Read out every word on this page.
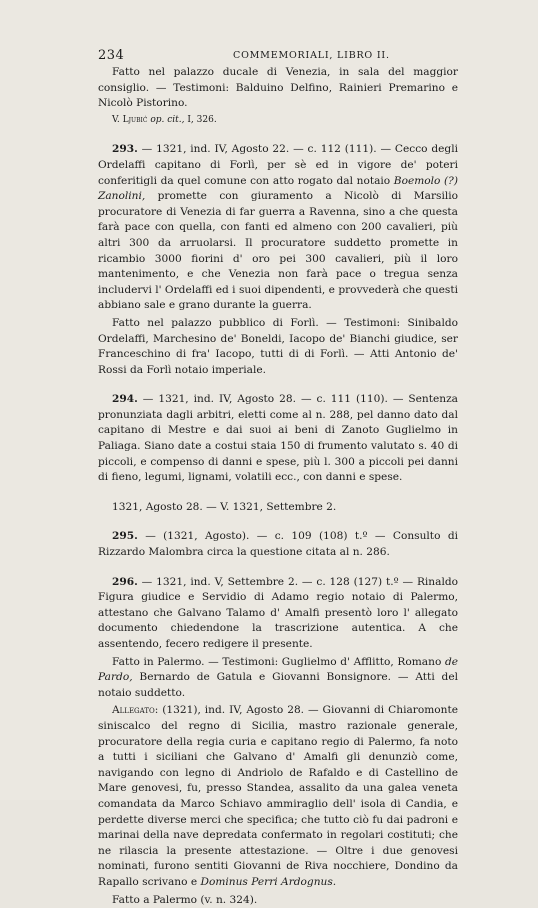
234	COMMEMORIALI, LIBRO II.

Fatto nel palazzo ducale di Venezia, in sala del maggior consiglio. — Testimoni: Balduino Delfino, Rainieri Premarino e Nicolò Pistorino.

V. Ljubić op. cit., I, 326.

293. — 1321, ind. IV, Agosto 22. — c. 112 (111). — Cecco degli Ordelaffi capitano di Forlì, per sè ed in vigore de' poteri conferitigli da quel comune con atto rogato dal notaio Boemolo (?) Zanolini, promette con giuramento a Nicolò di Marsilio procuratore di Venezia di far guerra a Ravenna, sino a che questa farà pace con quella, con fanti ed almeno con 200 cavalieri, più altri 300 da arruolarsi. Il procuratore suddetto promette in ricambio 3000 fiorini d' oro pei 300 cavalieri, più il loro mantenimento, e che Venezia non farà pace o tregua senza includervi l' Ordelaffi ed i suoi dipendenti, e provvederà che questi abbiano sale e grano durante la guerra.

Fatto nel palazzo pubblico di Forlì. — Testimoni: Sinibaldo Ordelaffi, Marchesino de' Boneldi, Iacopo de' Bianchi giudice, ser Franceschino di fra' Iacopo, tutti di di Forlì. — Atti Antonio de' Rossi da Forlì notaio imperiale.

294. — 1321, ind. IV, Agosto 28. — c. 111 (110). — Sentenza pronunziata dagli arbitri, eletti come al n. 288, pel danno dato dal capitano di Mestre e dai suoi ai beni di Zanoto Guglielmo in Paliaga. Siano date a costui staia 150 di frumento valutato s. 40 di piccoli, e compenso di danni e spese, più l. 300 a piccoli pei danni di fieno, legumi, lignami, volatili ecc., con danni e spese.

1321, Agosto 28. — V. 1321, Settembre 2.

295. — (1321, Agosto). — c. 109 (108) t.º — Consulto di Rizzardo Malombra circa la questione citata al n. 286.

296. — 1321, ind. V, Settembre 2. — c. 128 (127) t.º — Rinaldo Figura giudice e Servidio di Adamo regio notaio di Palermo, attestano che Galvano Talamo d' Amalfi presentò loro l' allegato documento chiedendone la trascrizione autentica. A che assentendo, fecero redigere il presente.

Fatto in Palermo. — Testimoni: Guglielmo d' Afflitto, Romano de Pardo, Bernardo de Gatula e Giovanni Bonsignore. — Atti del notaio suddetto.

Allegato: (1321), ind. IV, Agosto 28. — Giovanni di Chiaromonte siniscalco del regno di Sicilia, mastro razionale generale, procuratore della regia curia e capitano regio di Palermo, fa noto a tutti i siciliani che Galvano d' Amalfi gli denunziò come, navigando con legno di Andriolo de Rafaldo e di Castellino de Mare genovesi, fu, presso Standea, assalito da una galea veneta comandata da Marco Schiavo ammiraglio dell' isola di Candia, e perdette diverse merci che specifica; che tutto ciò fu dai padroni e marinai della nave depredata confermato in regolari costituti; che ne rilascia la presente attestazione. — Oltre i due genovesi nominati, furono sentiti Giovanni de Riva nocchiere, Dondino da Rapallo scrivano e Dominus Perri Ardognus.

Fatto a Palermo (v. n. 324).
